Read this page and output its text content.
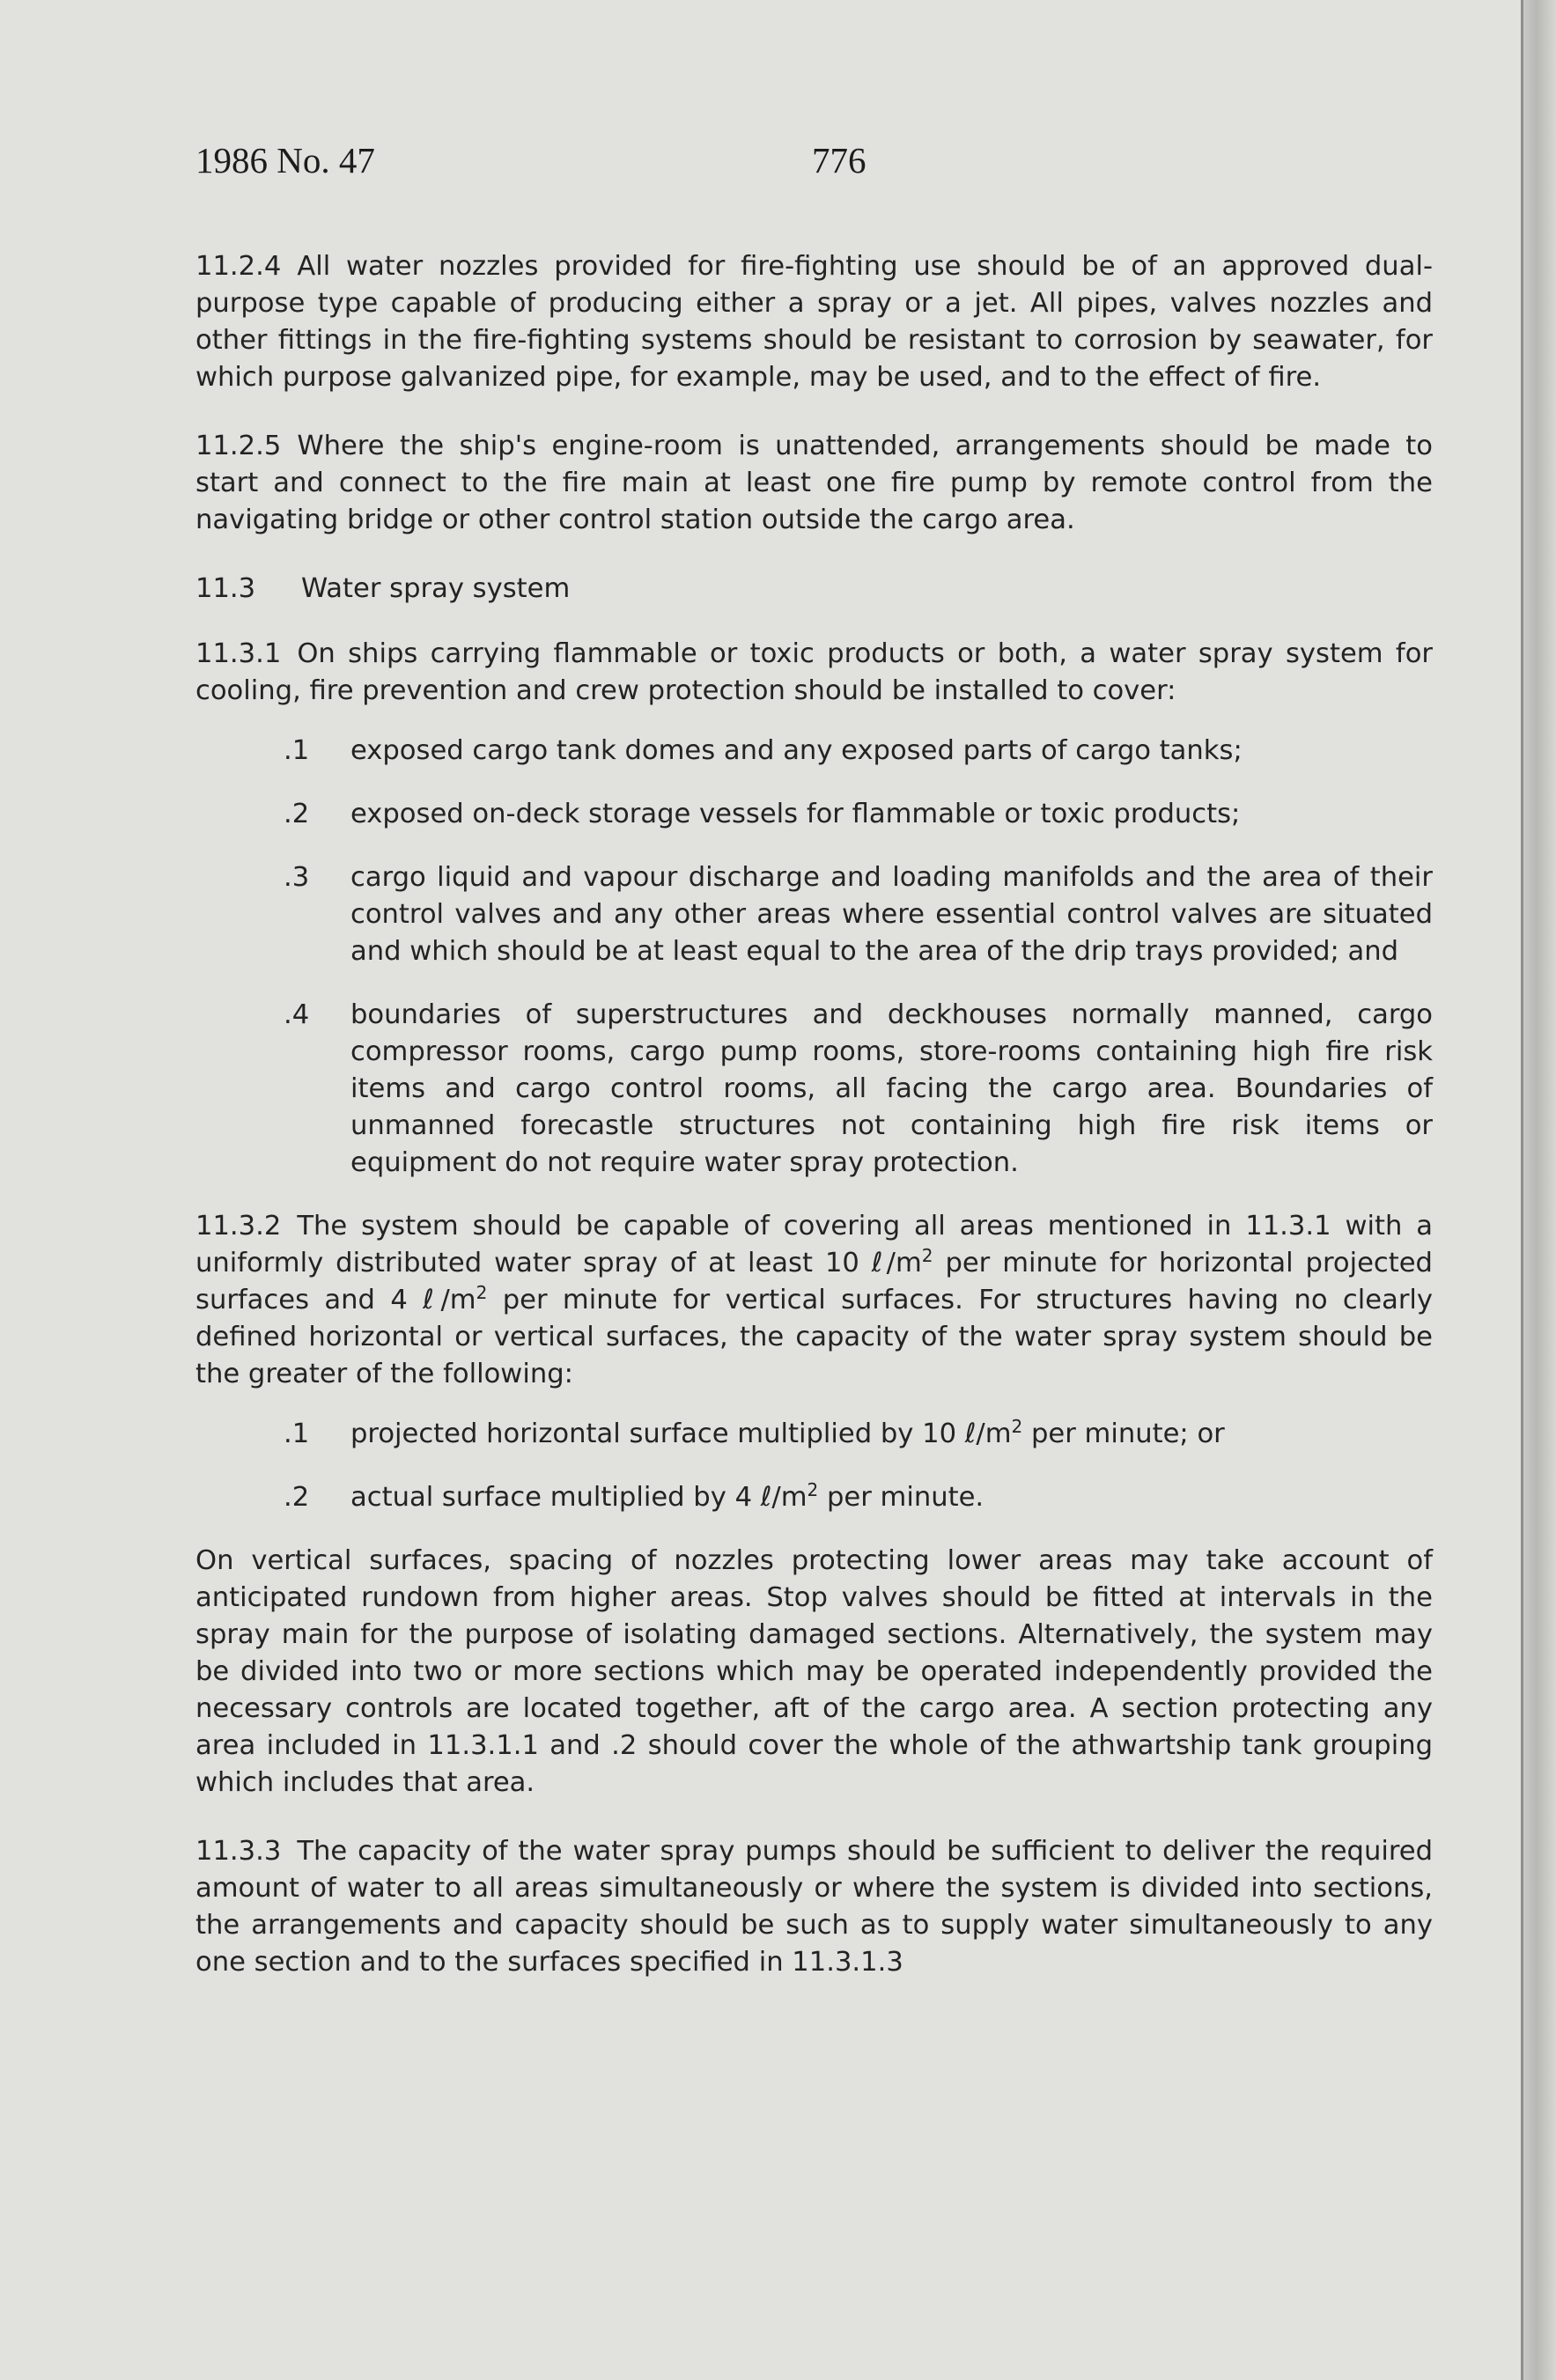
1986 No. 47	776

11.2.4 All water nozzles provided for fire-fighting use should be of an approved dual-purpose type capable of producing either a spray or a jet. All pipes, valves nozzles and other fittings in the fire-fighting systems should be resistant to corrosion by seawater, for which purpose galvanized pipe, for example, may be used, and to the effect of fire.

11.2.5 Where the ship's engine-room is unattended, arrangements should be made to start and connect to the fire main at least one fire pump by remote control from the navigating bridge or other control station outside the cargo area.

11.3 Water spray system

11.3.1 On ships carrying flammable or toxic products or both, a water spray system for cooling, fire prevention and crew protection should be installed to cover:

.1 exposed cargo tank domes and any exposed parts of cargo tanks;

.2 exposed on-deck storage vessels for flammable or toxic products;

.3 cargo liquid and vapour discharge and loading manifolds and the area of their control valves and any other areas where essential control valves are situated and which should be at least equal to the area of the drip trays provided; and

.4 boundaries of superstructures and deckhouses normally manned, cargo compressor rooms, cargo pump rooms, store-rooms containing high fire risk items and cargo control rooms, all facing the cargo area. Boundaries of unmanned forecastle structures not containing high fire risk items or equipment do not require water spray protection.

11.3.2 The system should be capable of covering all areas mentioned in 11.3.1 with a uniformly distributed water spray of at least 10 $\ell/m^2$ per minute for horizontal projected surfaces and 4 $\ell/m^2$ per minute for vertical surfaces. For structures having no clearly defined horizontal or vertical surfaces, the capacity of the water spray system should be the greater of the following:

.1 projected horizontal surface multiplied by 10 $\ell/m^2$ per minute; or

.2 actual surface multiplied by 4 $\ell/m^2$ per minute.

On vertical surfaces, spacing of nozzles protecting lower areas may take account of anticipated rundown from higher areas. Stop valves should be fitted at intervals in the spray main for the purpose of isolating damaged sections. Alternatively, the system may be divided into two or more sections which may be operated independently provided the necessary controls are located together, aft of the cargo area. A section protecting any area included in 11.3.1.1 and .2 should cover the whole of the athwartship tank grouping which includes that area.

11.3.3 The capacity of the water spray pumps should be sufficient to deliver the required amount of water to all areas simultaneously or where the system is divided into sections, the arrangements and capacity should be such as to supply water simultaneously to any one section and to the surfaces specified in 11.3.1.3
